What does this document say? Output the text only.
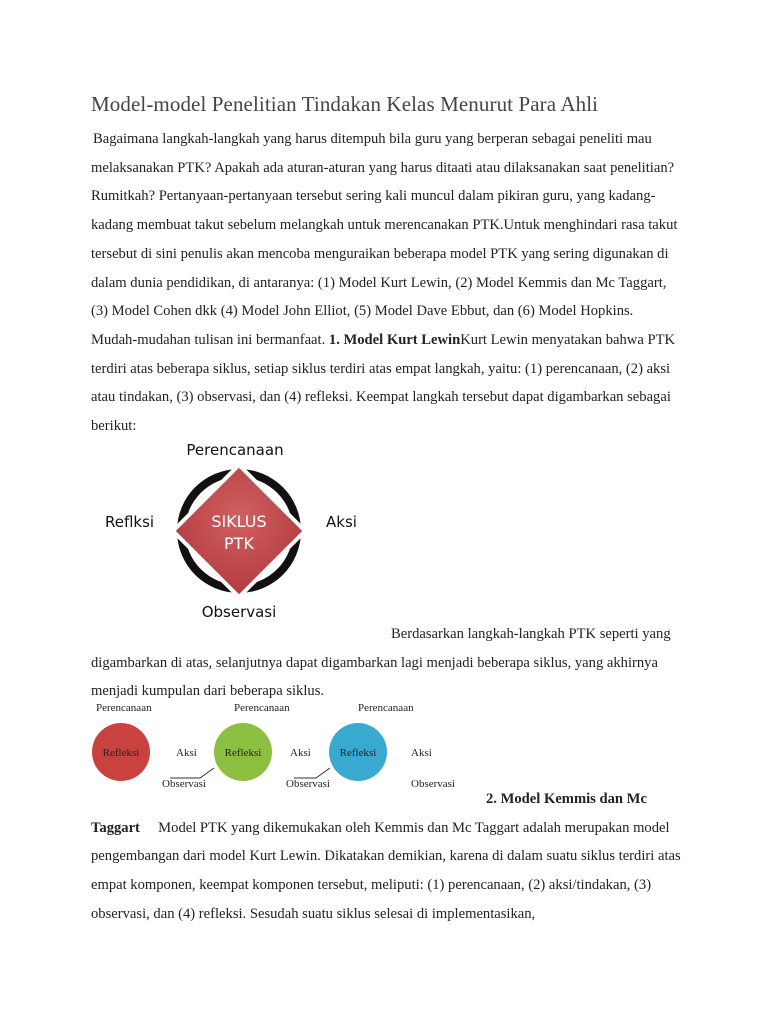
Model-model Penelitian Tindakan Kelas Menurut Para Ahli

Bagaimana langkah-langkah yang harus ditempuh bila guru yang berperan sebagai peneliti mau melaksanakan PTK? Apakah ada aturan-aturan yang harus ditaati atau dilaksanakan saat penelitian? Rumitkah? Pertanyaan-pertanyaan tersebut sering kali muncul dalam pikiran guru, yang kadang-kadang membuat takut sebelum melangkah untuk merencanakan PTK.Untuk menghindari rasa takut tersebut di sini penulis akan mencoba menguraikan beberapa model PTK yang sering digunakan di dalam dunia pendidikan, di antaranya: (1) Model Kurt Lewin, (2) Model Kemmis dan Mc Taggart, (3) Model Cohen dkk (4) Model John Elliot, (5) Model Dave Ebbut, dan (6) Model Hopkins. Mudah-mudahan tulisan ini bermanfaat. 1. Model Kurt LewinKurt Lewin menyatakan bahwa PTK terdiri atas beberapa siklus, setiap siklus terdiri atas empat langkah, yaitu: (1) perencanaan, (2) aksi atau tindakan, (3) observasi, dan (4) refleksi. Keempat langkah tersebut dapat digambarkan sebagai berikut:

SIKLUS
PTK
Perencanaan
Reflksi	Aksi
Observasi

Berdasarkan langkah-langkah PTK seperti yang digambarkan di atas, selanjutnya dapat digambarkan lagi menjadi beberapa siklus, yang akhirnya menjadi kumpulan dari beberapa siklus.

Perencanaan
Refleksi	Aksi
Observasi
Perencanaan
Refleksi	Aksi
Observasi
Perencanaan
Refleksi	Aksi
Observasi

2. Model Kemmis dan Mc Taggart Model PTK yang dikemukakan oleh Kemmis dan Mc Taggart adalah merupakan model pengembangan dari model Kurt Lewin. Dikatakan demikian, karena di dalam suatu siklus terdiri atas empat komponen, keempat komponen tersebut, meliputi: (1) perencanaan, (2) aksi/tindakan, (3) observasi, dan (4) refleksi. Sesudah suatu siklus selesai di implementasikan,
